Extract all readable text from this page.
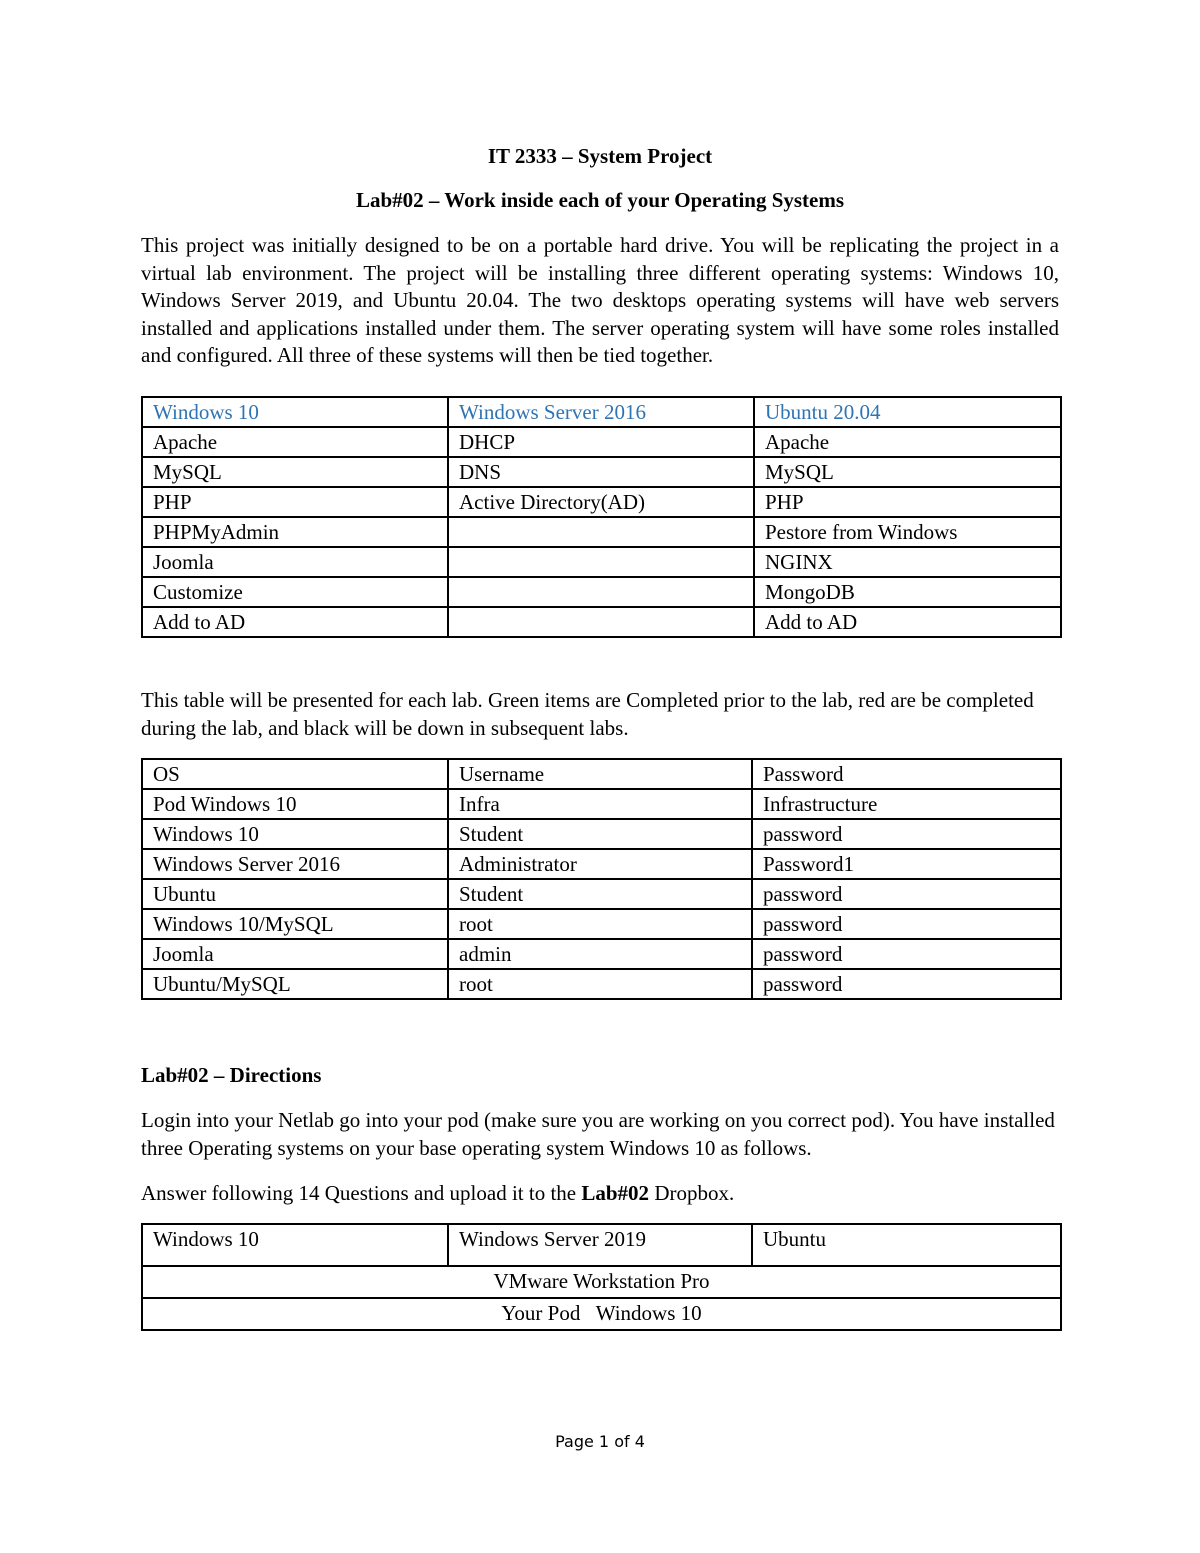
IT 2333 – System Project
Lab#02 – Work inside each of your Operating Systems
This project was initially designed to be on a portable hard drive. You will be replicating the project in a virtual lab environment. The project will be installing three different operating systems: Windows 10, Windows Server 2019, and Ubuntu 20.04. The two desktops operating systems will have web servers installed and applications installed under them. The server operating system will have some roles installed and configured. All three of these systems will then be tied together.
Windows 10	Windows Server 2016	Ubuntu 20.04
Apache	DHCP	Apache
MySQL	DNS	MySQL
PHP	Active Directory(AD)	PHP
PHPMyAdmin		Pestore from Windows
Joomla		NGINX
Customize		MongoDB
Add to AD		Add to AD
This table will be presented for each lab. Green items are Completed prior to the lab, red are be completed during the lab, and black will be down in subsequent labs.
OS	Username	Password
Pod Windows 10	Infra	Infrastructure
Windows 10	Student	password
Windows Server 2016	Administrator	Password1
Ubuntu	Student	password
Windows 10/MySQL	root	password
Joomla	admin	password
Ubuntu/MySQL	root	password
Lab#02 – Directions
Login into your Netlab go into your pod (make sure you are working on you correct pod). You have installed three Operating systems on your base operating system Windows 10 as follows.
Answer following 14 Questions and upload it to the Lab#02 Dropbox.
Windows 10	Windows Server 2019	Ubuntu
VMware Workstation Pro
Your Pod   Windows 10
Page 1 of 4
